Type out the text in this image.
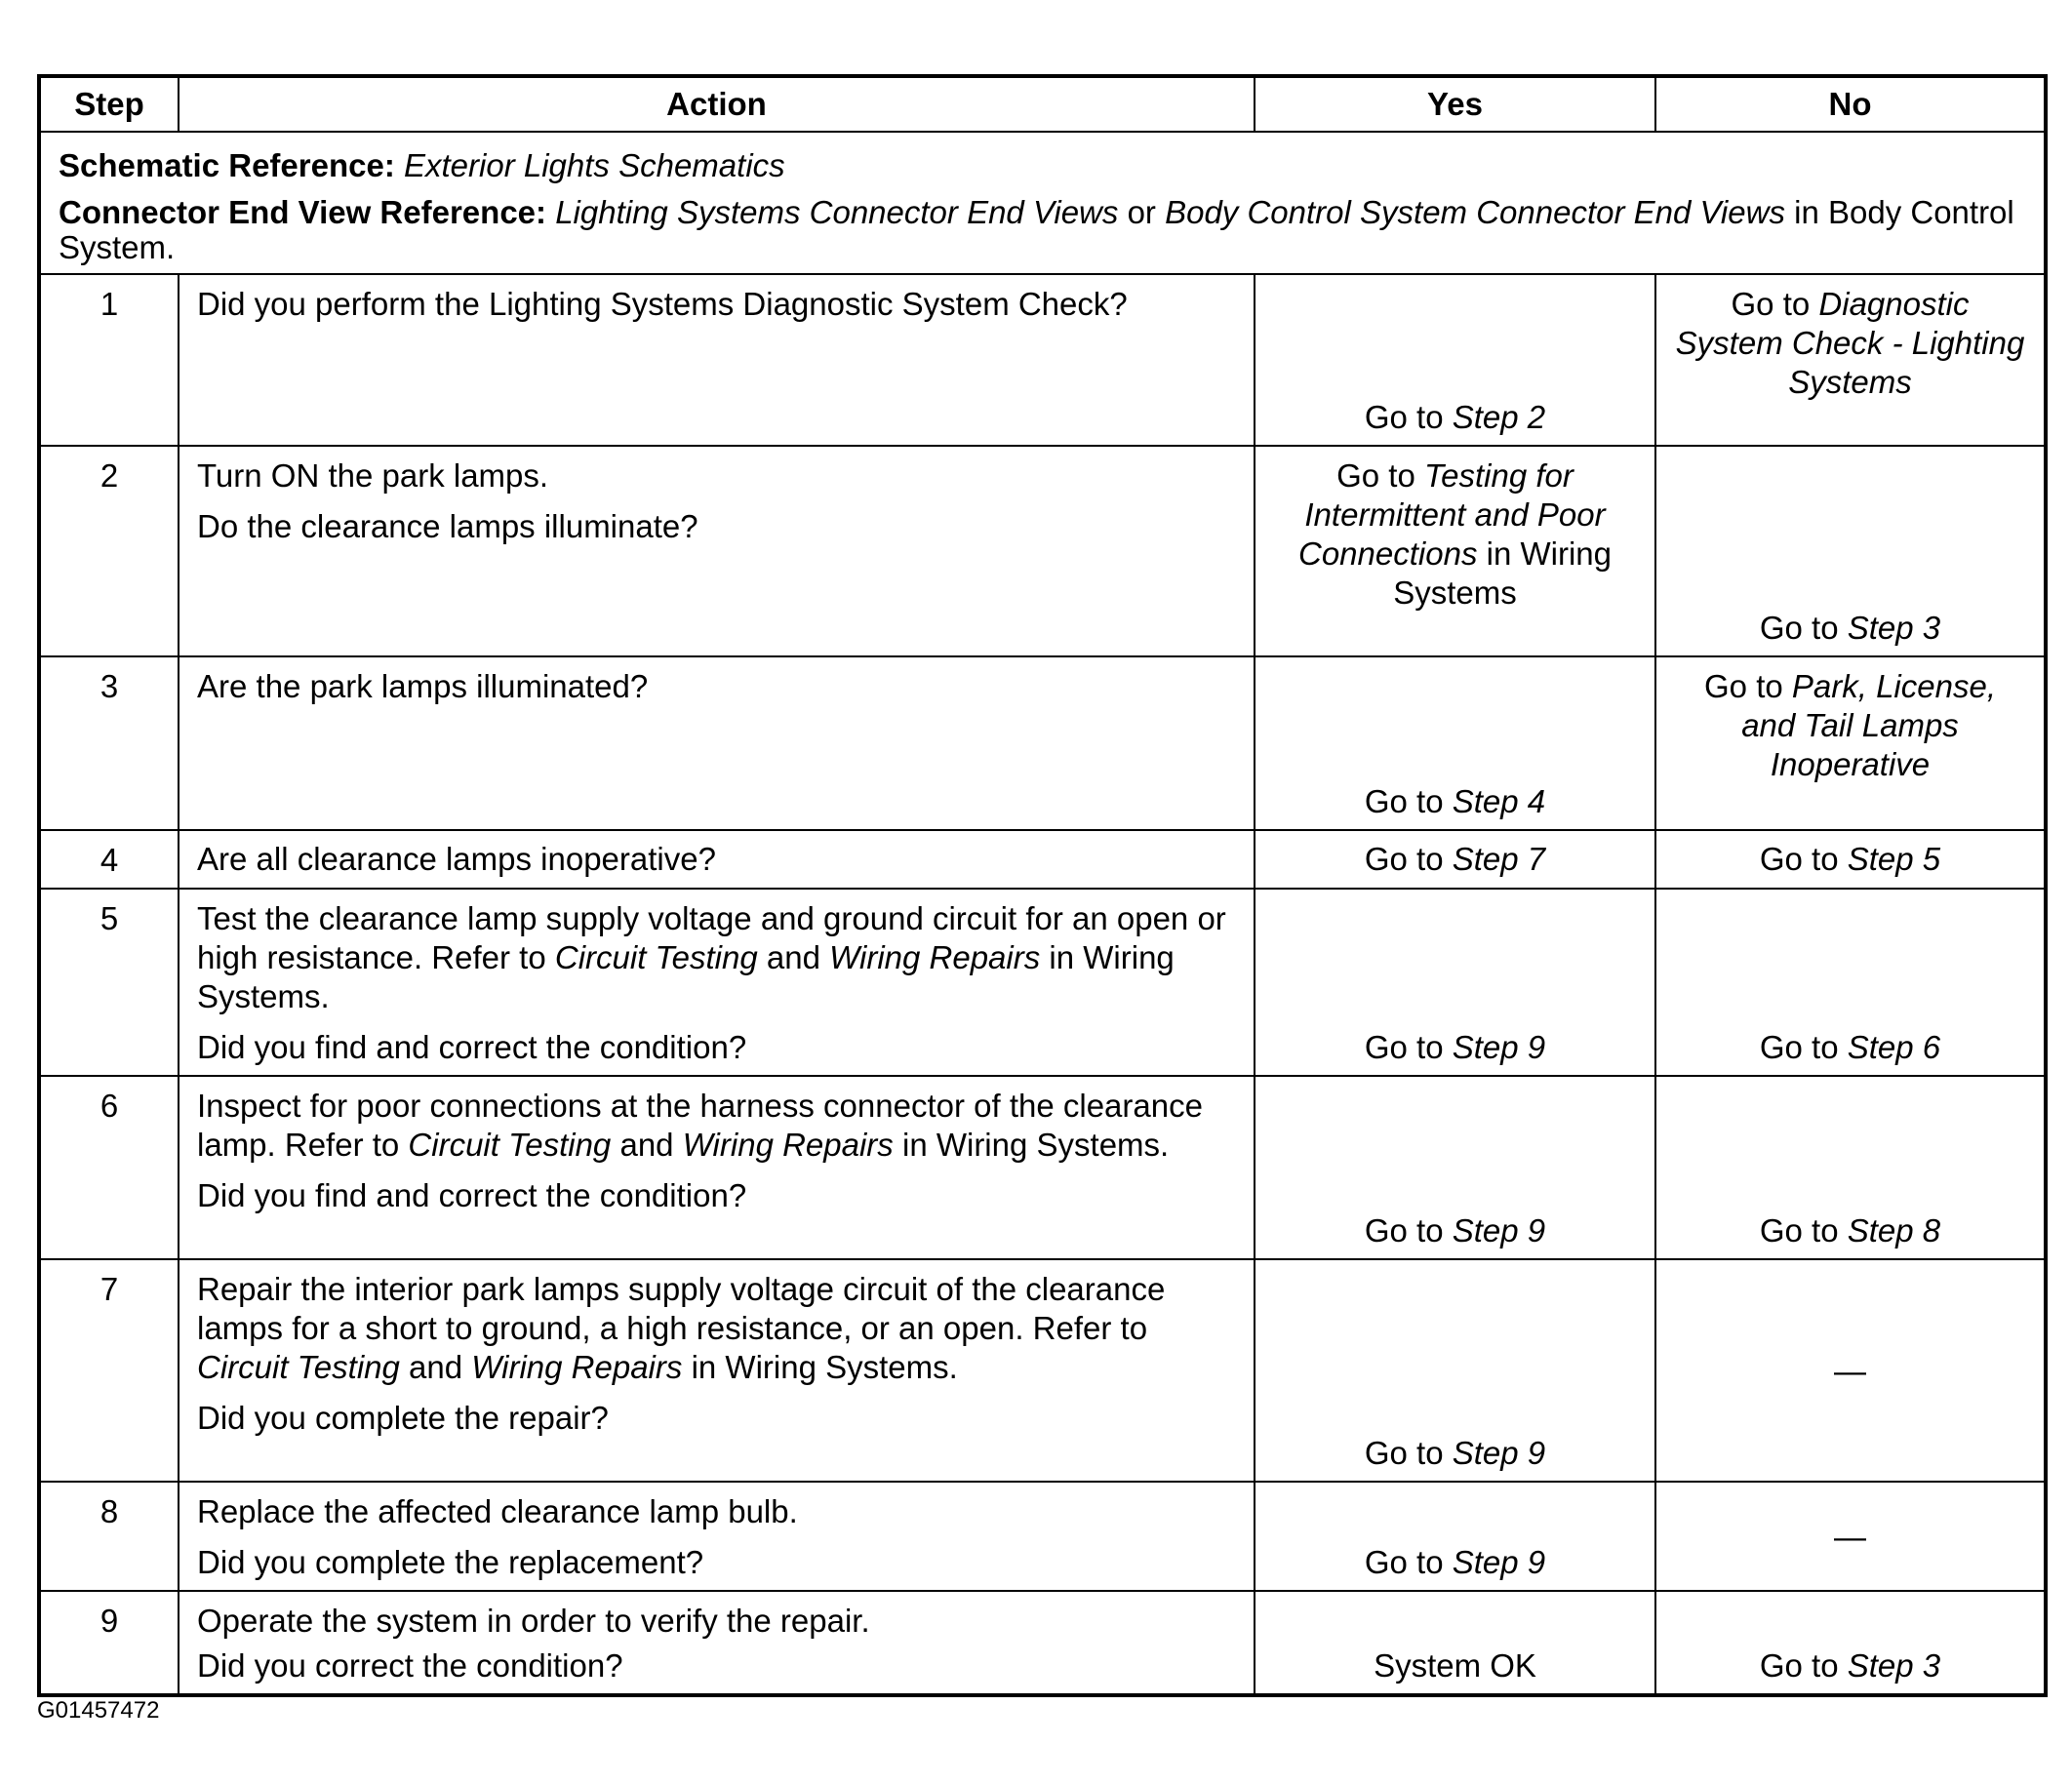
Step	Action	Yes	No

Schematic Reference: Exterior Lights Schematics

Connector End View Reference: Lighting Systems Connector End Views or Body Control System Connector End Views in Body Control System.			

1	Did you perform the Lighting Systems Diagnostic System Check?	Go to Step 2	Go to Diagnostic System Check - Lighting Systems
2	Turn ON the park lamps.

Do the clearance lamps illuminate?	Go to Testing for Intermittent and Poor Connections in Wiring Systems	Go to Step 3
3	Are the park lamps illuminated?	Go to Step 4	Go to Park, License, and Tail Lamps Inoperative
4	Are all clearance lamps inoperative?	Go to Step 7	Go to Step 5
5	Test the clearance lamp supply voltage and ground circuit for an open or high resistance. Refer to Circuit Testing and Wiring Repairs in Wiring Systems.

Did you find and correct the condition?	Go to Step 9	Go to Step 6
6	Inspect for poor connections at the harness connector of the clearance lamp. Refer to Circuit Testing and Wiring Repairs in Wiring Systems.

Did you find and correct the condition?	Go to Step 9	Go to Step 8
7	Repair the interior park lamps supply voltage circuit of the clearance lamps for a short to ground, a high resistance, or an open. Refer to Circuit Testing and Wiring Repairs in Wiring Systems.

Did you complete the repair?	Go to Step 9	—
8	Replace the affected clearance lamp bulb.

Did you complete the replacement?	Go to Step 9	—
9	Operate the system in order to verify the repair.

Did you correct the condition?	System OK	Go to Step 3
G01457472
